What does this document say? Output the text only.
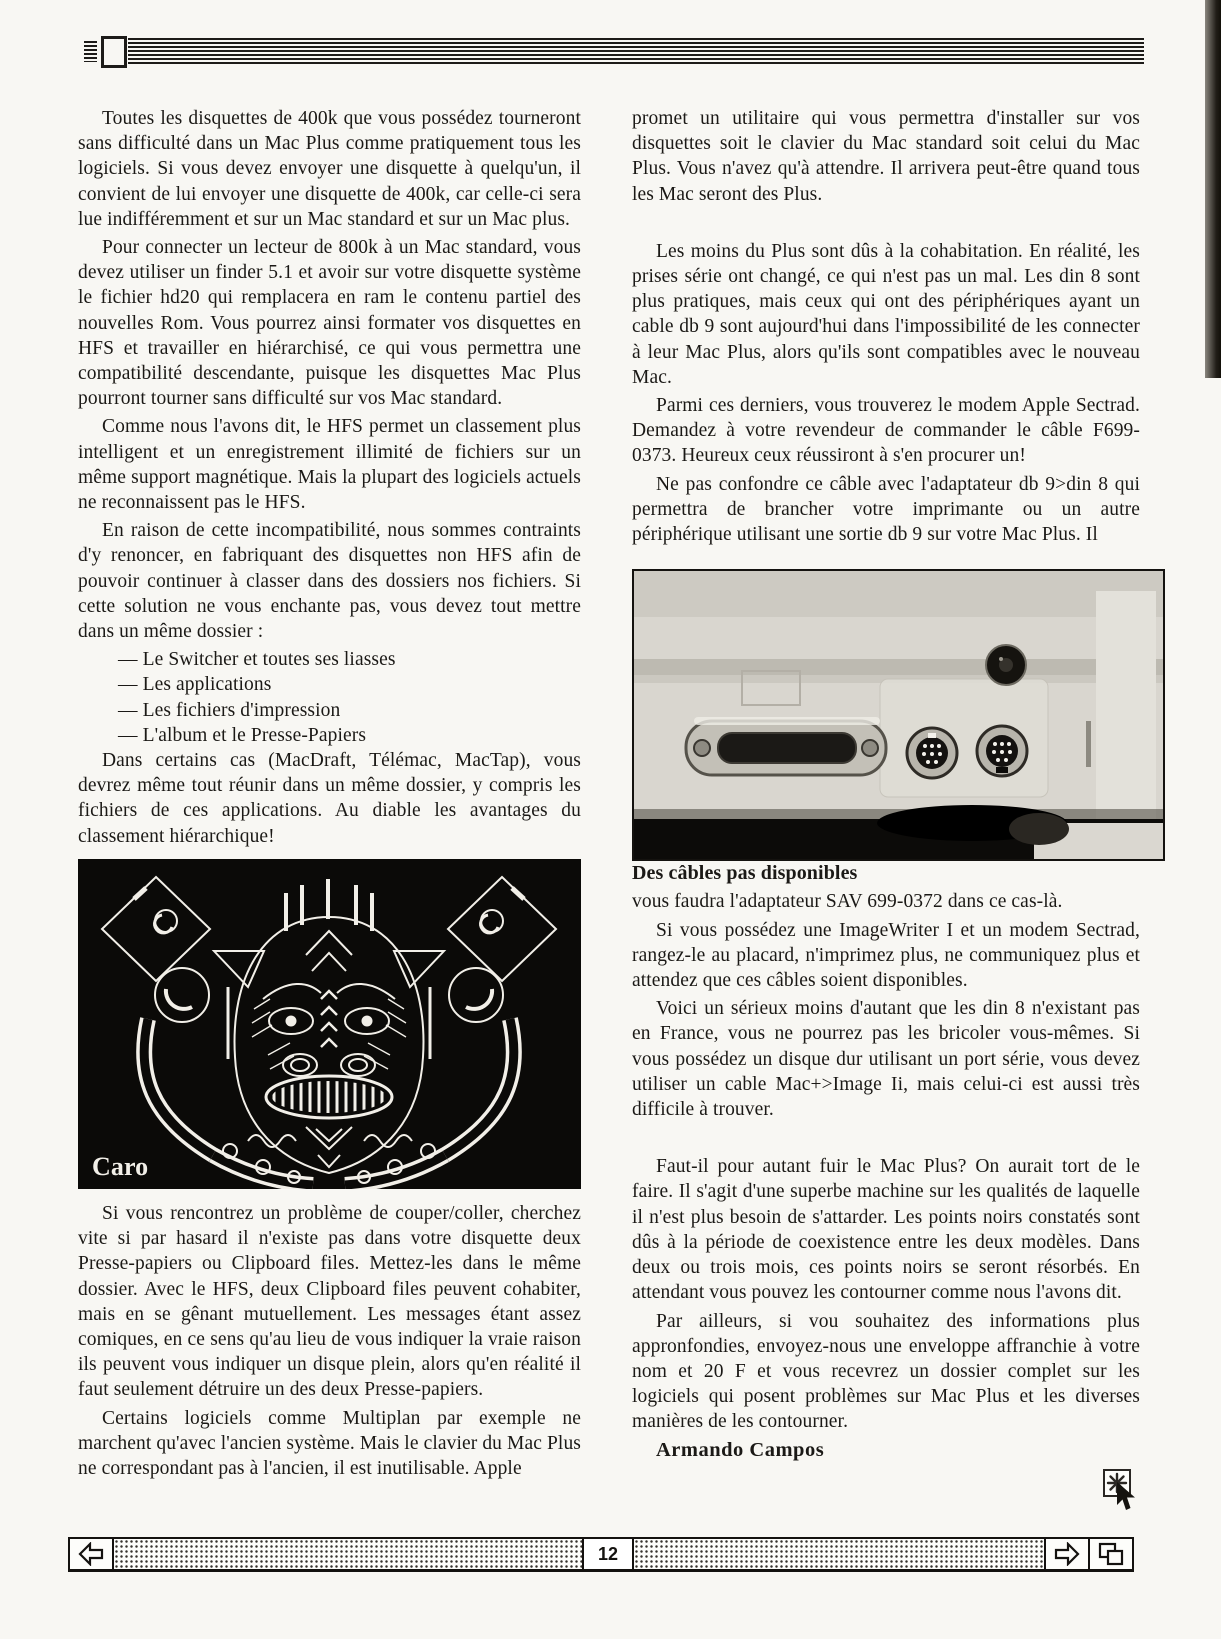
Toutes les disquettes de 400k que vous possédez tourneront sans difficulté dans un Mac Plus comme pratiquement tous les logiciels. Si vous devez envoyer une disquette à quelqu'un, il convient de lui envoyer une disquette de 400k, car celle-ci sera lue indifféremment et sur un Mac standard et sur un Mac plus.

Pour connecter un lecteur de 800k à un Mac standard, vous devez utiliser un finder 5.1 et avoir sur votre disquette système le fichier hd20 qui remplacera en ram le contenu partiel des nouvelles Rom. Vous pourrez ainsi formater vos disquettes en HFS et travailler en hiérarchisé, ce qui vous permettra une compatibilité descendante, puisque les disquettes Mac Plus pourront tourner sans difficulté sur vos Mac standard.

Comme nous l'avons dit, le HFS permet un classement plus intelligent et un enregistrement illimité de fichiers sur un même support magnétique. Mais la plupart des logiciels actuels ne reconnaissent pas le HFS.

En raison de cette incompatibilité, nous sommes contraints d'y renoncer, en fabriquant des disquettes non HFS afin de pouvoir continuer à classer dans des dossiers nos fichiers. Si cette solution ne vous enchante pas, vous devez tout mettre dans un même dossier :

— Le Switcher et toutes ses liasses

— Les applications

— Les fichiers d'impression

— L'album et le Presse-Papiers

Dans certains cas (MacDraft, Télémac, MacTap), vous devrez même tout réunir dans un même dossier, y compris les fichiers de ces applications. Au diable les avantages du classement hiérarchique!

Caro

Si vous rencontrez un problème de couper/coller, cherchez vite si par hasard il n'existe pas dans votre disquette deux Presse-papiers ou Clipboard files. Mettez-les dans le même dossier. Avec le HFS, deux Clipboard files peuvent cohabiter, mais en se gênant mutuellement. Les messages étant assez comiques, en ce sens qu'au lieu de vous indiquer la vraie raison ils peuvent vous indiquer un disque plein, alors qu'en réalité il faut seulement détruire un des deux Presse-papiers.

Certains logiciels comme Multiplan par exemple ne marchent qu'avec l'ancien système. Mais le clavier du Mac Plus ne correspondant pas à l'ancien, il est inutilisable. Apple

promet un utilitaire qui vous permettra d'installer sur vos disquettes soit le clavier du Mac standard soit celui du Mac Plus. Vous n'avez qu'à attendre. Il arrivera peut-être quand tous les Mac seront des Plus.

Les moins du Plus sont dûs à la cohabitation. En réalité, les prises série ont changé, ce qui n'est pas un mal. Les din 8 sont plus pratiques, mais ceux qui ont des périphériques ayant un cable db 9 sont aujourd'hui dans l'impossibilité de les connecter à leur Mac Plus, alors qu'ils sont compatibles avec le nouveau Mac.

Parmi ces derniers, vous trouverez le modem Apple Sectrad. Demandez à votre revendeur de commander le câble F699-0373. Heureux ceux réussiront à s'en procurer un!

Ne pas confondre ce câble avec l'adaptateur db 9>din 8 qui permettra de brancher votre imprimante ou un autre périphérique utilisant une sortie db 9 sur votre Mac Plus. Il

Des câbles pas disponibles

vous faudra l'adaptateur SAV 699-0372 dans ce cas-là.

Si vous possédez une ImageWriter I et un modem Sectrad, rangez-le au placard, n'imprimez plus, ne communiquez plus et attendez que ces câbles soient disponibles.

Voici un sérieux moins d'autant que les din 8 n'existant pas en France, vous ne pourrez pas les bricoler vous-mêmes. Si vous possédez un disque dur utilisant un port série, vous devez utiliser un cable Mac+>Image Ii, mais celui-ci est aussi très difficile à trouver.

Faut-il pour autant fuir le Mac Plus? On aurait tort de le faire. Il s'agit d'une superbe machine sur les qualités de laquelle il n'est plus besoin de s'attarder. Les points noirs constatés sont dûs à la période de coexistence entre les deux modèles. Dans deux ou trois mois, ces points noirs se seront résorbés. En attendant vous pouvez les contourner comme nous l'avons dit.

Par ailleurs, si vou souhaitez des informations plus appronfondies, envoyez-nous une enveloppe affranchie à votre nom et 20 F et vous recevrez un dossier complet sur les logiciels qui posent problèmes sur Mac Plus et les diverses manières de les contourner.

Armando Campos

12
